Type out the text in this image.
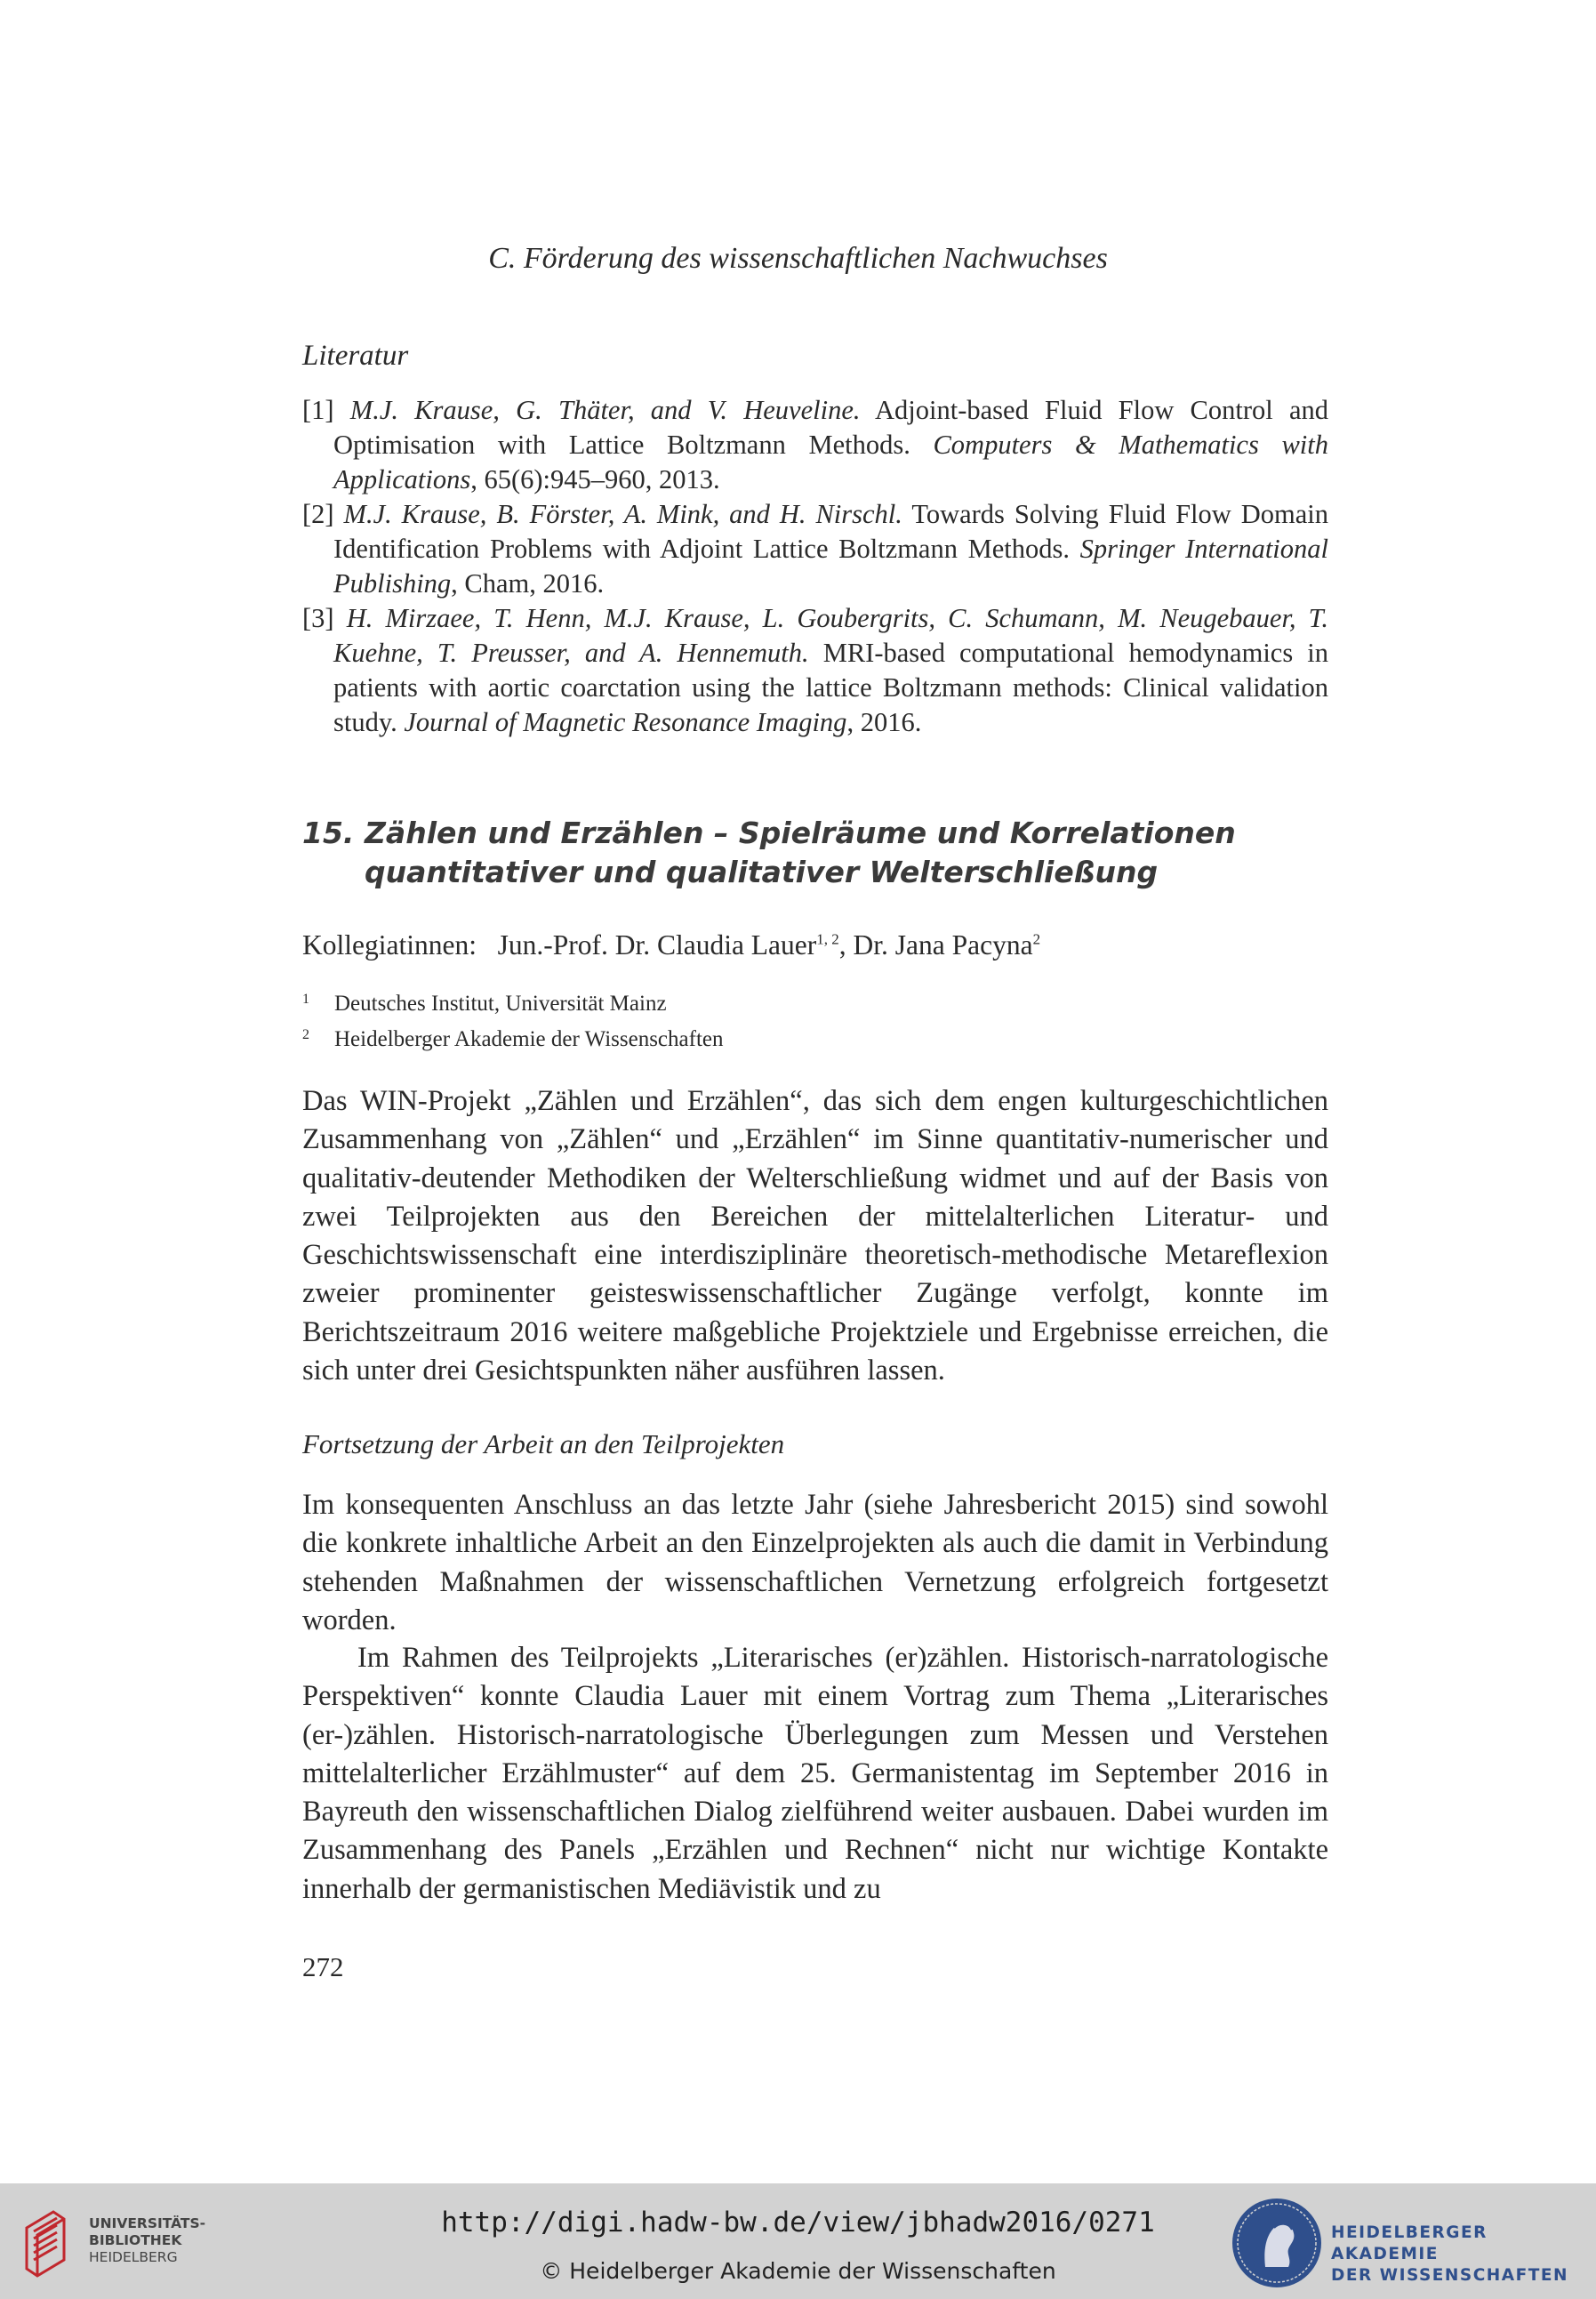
C. Förderung des wissenschaftlichen Nachwuchses
Literatur

[1] M.J. Krause, G. Thäter, and V. Heuveline. Adjoint-based Fluid Flow Control and Optimisation with Lattice Boltzmann Methods. Computers & Mathematics with Applications, 65(6):945–960, 2013.

[2] M.J. Krause, B. Förster, A. Mink, and H. Nirschl. Towards Solving Fluid Flow Domain Identification Problems with Adjoint Lattice Boltzmann Methods. Springer International Publishing, Cham, 2016.

[3] H. Mirzaee, T. Henn, M.J. Krause, L. Goubergrits, C. Schumann, M. Neugebauer, T. Kuehne, T. Preusser, and A. Hennemuth. MRI-based computational hemodynamics in patients with aortic coarctation using the lattice Boltzmann methods: Clinical validation study. Journal of Magnetic Resonance Imaging, 2016.

15. Zählen und Erzählen – Spielräume und Korrelationen
quantitativer und qualitativer Welterschließung
Kollegiatinnen: Jun.-Prof. Dr. Claudia Lauer$^{1, 2}$, Dr. Jana Pacyna$^2$
$^1$ Deutsches Institut, Universität Mainz
$^2$ Heidelberger Akademie der Wissenschaften
Das WIN-Projekt „Zählen und Erzählen“, das sich dem engen kulturgeschichtlichen Zusammenhang von „Zählen“ und „Erzählen“ im Sinne quantitativ-numerischer und qualitativ-deutender Methodiken der Welterschließung widmet und auf der Basis von zwei Teilprojekten aus den Bereichen der mittelalterlichen Literatur- und Geschichtswissenschaft eine interdisziplinäre theoretisch-methodische Metareflexion zweier prominenter geisteswissenschaftlicher Zugänge verfolgt, konnte im Berichtszeitraum 2016 weitere maßgebliche Projektziele und Ergebnisse erreichen, die sich unter drei Gesichtspunkten näher ausführen lassen.
Fortsetzung der Arbeit an den Teilprojekten
Im konsequenten Anschluss an das letzte Jahr (siehe Jahresbericht 2015) sind sowohl die konkrete inhaltliche Arbeit an den Einzelprojekten als auch die damit in Verbindung stehenden Maßnahmen der wissenschaftlichen Vernetzung erfolgreich fortgesetzt worden.
Im Rahmen des Teilprojekts „Literarisches (er)zählen. Historisch-narratologische Perspektiven“ konnte Claudia Lauer mit einem Vortrag zum Thema „Literarisches (er-)zählen. Historisch-narratologische Überlegungen zum Messen und Verstehen mittelalterlicher Erzählmuster“ auf dem 25. Germanistentag im September 2016 in Bayreuth den wissenschaftlichen Dialog zielführend weiter ausbauen. Dabei wurden im Zusammenhang des Panels „Erzählen und Rechnen“ nicht nur wichtige Kontakte innerhalb der germanistischen Mediävistik und zu
272
UNIVERSITÄTS-
BIBLIOTHEK
HEIDELBERG
http://digi.hadw-bw.de/view/jbhadw2016/0271
© Heidelberger Akademie der Wissenschaften
HEIDELBERGER AKADEMIE
DER WISSENSCHAFTEN
